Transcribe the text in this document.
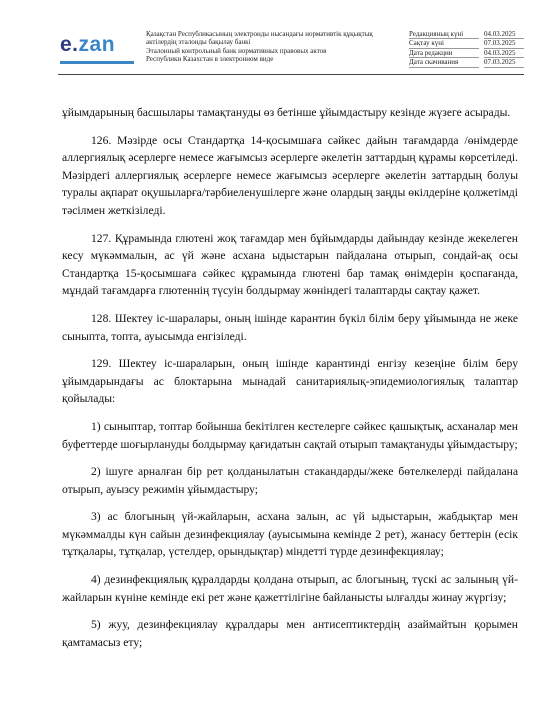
e.zan	Қазақстан Республикасының электронды нысандағы нормативтік құқықтық
актілердің эталонды бақылау банкі
Эталонный контрольный банк нормативных правовых актов
Республики Казахстан в электронном виде
Редакцияның күні	04.03.2025
Сақтау күні	07.03.2025
Дата редакции	04.03.2025
Дата скачивания	07.03.2025

ұйымдарының басшылары тамақтануды өз бетінше ұйымдастыру кезінде жүзеге асырады.

126. Мәзірде осы Стандартқа 14-қосымшаға сәйкес дайын тағамдарда /өнімдерде аллергиялық әсерлерге немесе жағымсыз әсерлерге әкелетін заттардың құрамы көрсетіледі. Мәзірдегі аллергиялық әсерлерге немесе жағымсыз әсерлерге әкелетін заттардың болуы туралы ақпарат оқушыларға/тәрбиеленушілерге және олардың заңды өкілдеріне қолжетімді тәсілмен жеткізіледі.

127. Құрамында глютені жоқ тағамдар мен бұйымдарды дайындау кезінде жекелеген кесу мүкәммалын, ас үй және асхана ыдыстарын пайдалана отырып, сондай-ақ осы Стандартқа 15-қосымшаға сәйкес құрамында глютені бар тамақ өнімдерін қоспағанда, мұндай тағамдарға глютеннің түсуін болдырмау жөніндегі талаптарды сақтау қажет.

128. Шектеу іс-шаралары, оның ішінде карантин бүкіл білім беру ұйымында не жеке сыныпта, топта, ауысымда енгізіледі.

129. Шектеу іс-шараларын, оның ішінде карантинді енгізу кезеңіне білім беру ұйымдарындағы ас блоктарына мынадай санитариялық-эпидемиологиялық талаптар қойылады:

1) сыныптар, топтар бойынша бекітілген кестелерге сәйкес қашықтық, асханалар мен буфеттерде шоғырлануды болдырмау қағидатын сақтай отырып тамақтануды ұйымдастыру;

2) ішуге арналған бір рет қолданылатын стакандарды/жеке бөтелкелерді пайдалана отырып, ауызсу режимін ұйымдастыру;

3) ас блогының үй-жайларын, асхана залын, ас үй ыдыстарын, жабдықтар мен мүкәммалды күн сайын дезинфекциялау (ауысымына кемінде 2 рет), жанасу беттерін (есік тұтқалары, тұтқалар, үстелдер, орындықтар) міндетті түрде дезинфекциялау;

4) дезинфекциялық құралдарды қолдана отырып, ас блогының, түскі ас залының үй-жайларын күніне кемінде екі рет және қажеттілігіне байланысты ылғалды жинау жүргізу;

5) жуу, дезинфекциялау құралдары мен антисептиктердің азаймайтын қорымен қамтамасыз ету;
